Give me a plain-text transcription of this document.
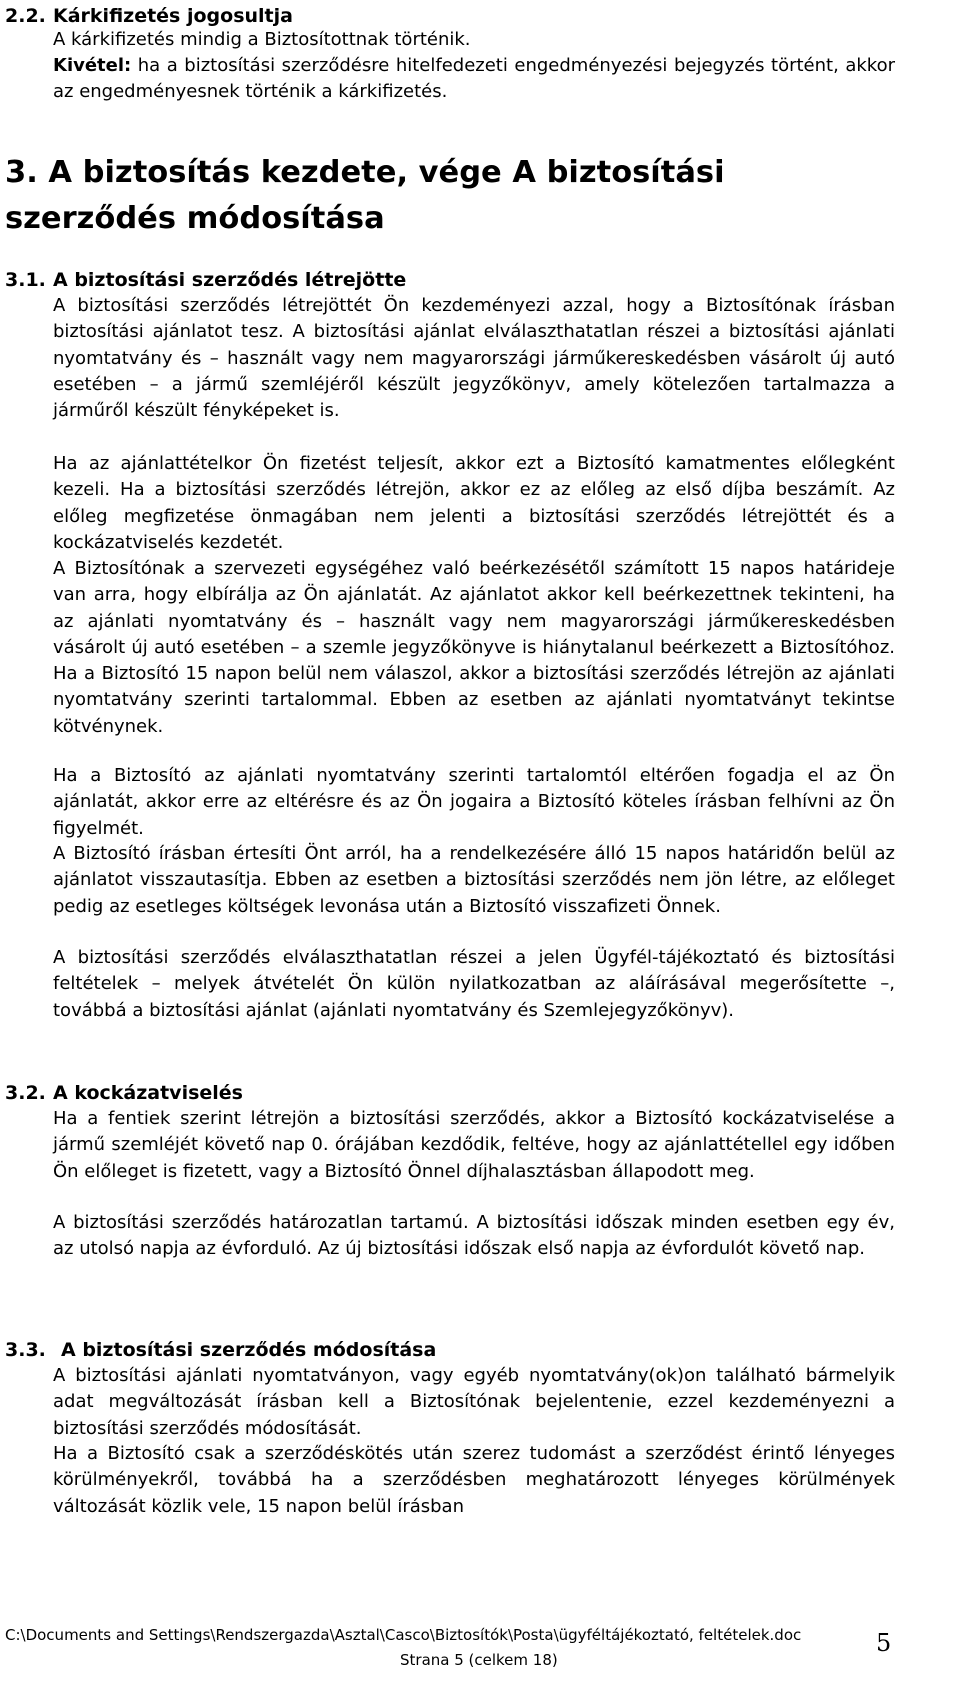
2.2. Kárkifizetés jogosultja

A kárkifizetés mindig a Biztosítottnak történik.

Kivétel: ha a biztosítási szerződésre hitelfedezeti engedményezési bejegyzés történt, akkor az engedményesnek történik a kárkifizetés.

3. A biztosítás kezdete, vége A biztosítási szerződés módosítása
3.1. A biztosítási szerződés létrejötte

A biztosítási szerződés létrejöttét Ön kezdeményezi azzal, hogy a Biztosítónak írásban biztosítási ajánlatot tesz. A biztosítási ajánlat elválaszthatatlan részei a biztosítási ajánlati nyomtatvány és – használt vagy nem magyarországi járműkereskedésben vásárolt új autó esetében – a jármű szemléjéről készült jegyzőkönyv, amely kötelezően tartalmazza a járműről készült fényképeket is.

Ha az ajánlattételkor Ön fizetést teljesít, akkor ezt a Biztosító kamatmentes előlegként kezeli. Ha a biztosítási szerződés létrejön, akkor ez az előleg az első díjba beszámít. Az előleg megfizetése önmagában nem jelenti a biztosítási szerződés létrejöttét és a kockázatviselés kezdetét.

A Biztosítónak a szervezeti egységéhez való beérkezésétől számított 15 napos határideje van arra, hogy elbírálja az Ön ajánlatát. Az ajánlatot akkor kell beérkezettnek tekinteni, ha az ajánlati nyomtatvány és – használt vagy nem magyarországi járműkereskedésben vásárolt új autó esetében – a szemle jegyzőkönyve is hiánytalanul beérkezett a Biztosítóhoz. Ha a Biztosító 15 napon belül nem válaszol, akkor a biztosítási szerződés létrejön az ajánlati nyomtatvány szerinti tartalommal. Ebben az esetben az ajánlati nyomtatványt tekintse kötvénynek.

Ha a Biztosító az ajánlati nyomtatvány szerinti tartalomtól eltérően fogadja el az Ön ajánlatát, akkor erre az eltérésre és az Ön jogaira a Biztosító köteles írásban felhívni az Ön figyelmét.

A Biztosító írásban értesíti Önt arról, ha a rendelkezésére álló 15 napos határidőn belül az ajánlatot visszautasítja. Ebben az esetben a biztosítási szerződés nem jön létre, az előleget pedig az esetleges költségek levonása után a Biztosító visszafizeti Önnek.

A biztosítási szerződés elválaszthatatlan részei a jelen Ügyfél-tájékoztató és biztosítási feltételek – melyek átvételét Ön külön nyilatkozatban az aláírásával megerősítette –, továbbá a biztosítási ajánlat (ajánlati nyomtatvány és Szemlejegyzőkönyv).

3.2. A kockázatviselés

Ha a fentiek szerint létrejön a biztosítási szerződés, akkor a Biztosító kockázatviselése a jármű szemléjét követő nap 0. órájában kezdődik, feltéve, hogy az ajánlattétellel egy időben Ön előleget is fizetett, vagy a Biztosító Önnel díjhalasztásban állapodott meg.

A biztosítási szerződés határozatlan tartamú. A biztosítási időszak minden esetben egy év, az utolsó napja az évforduló. Az új biztosítási időszak első napja az évfordulót követő nap.

3.3. A biztosítási szerződés módosítása

A biztosítási ajánlati nyomtatványon, vagy egyéb nyomtatvány(ok)on található bármelyik adat megváltozását írásban kell a Biztosítónak bejelentenie, ezzel kezdeményezni a biztosítási szerződés módosítását.

Ha a Biztosító csak a szerződéskötés után szerez tudomást a szerződést érintő lényeges körülményekről, továbbá ha a szerződésben meghatározott lényeges körülmények változását közlik vele, 15 napon belül írásban

C:\Documents and Settings\Rendszergazda\Asztal\Casco\Biztosítók\Posta\ügyféltájékoztató, feltételek.doc

Strana 5 (celkem 18)
5
